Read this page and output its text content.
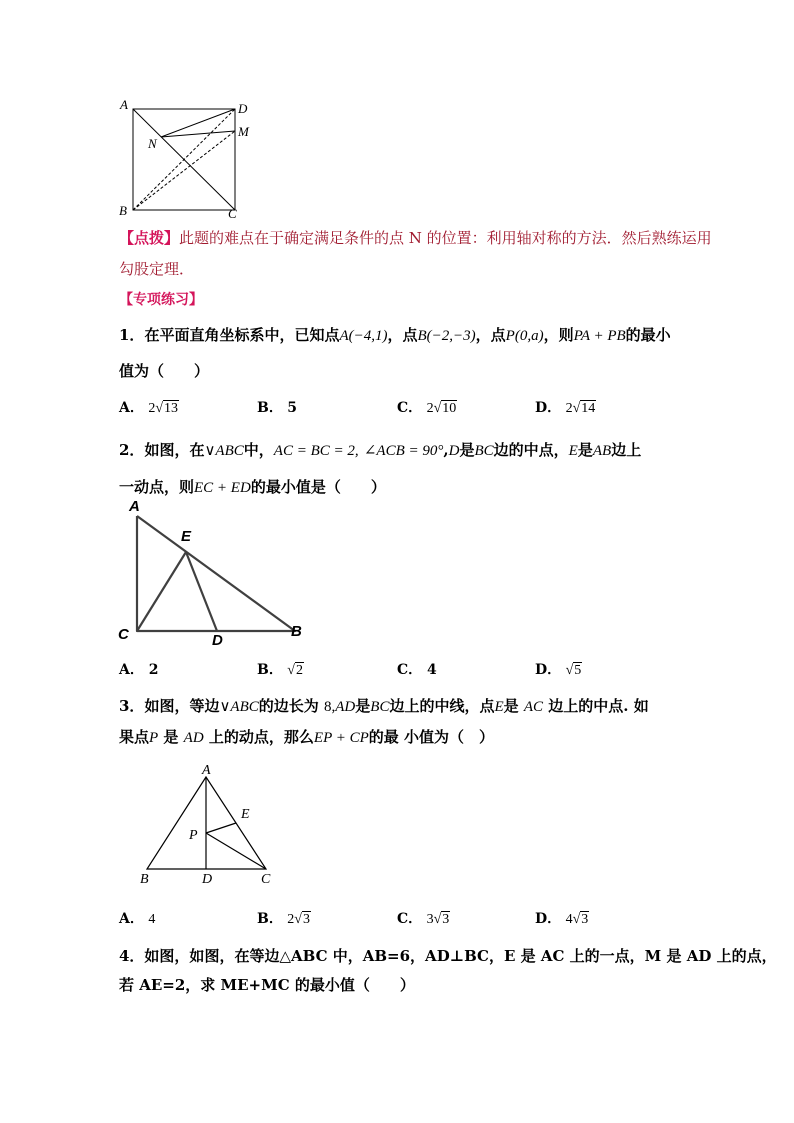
A	D
M
N
B	C
【点拨】此题的难点在于确定满足条件的点 N 的位置：利用轴对称的方法．然后熟练运用
勾股定理．
【专项练习】
1．在平面直角坐标系中，已知点A(−4,1)，点B(−2,−3)，点P(0,a)，则PA + PB的最小
值为（　　）
A． 2√13	B． 5	C． 2√10	D． 2√14
2．如图，在∨ABC中，AC = BC = 2, ∠ACB = 90°,D是BC边的中点，E是AB边上
一动点，则EC + ED的最小值是（　　）
A
E
C	D
B
A． 2	B． √2	C． 4	D． √5
3．如图，等边∨ABC的边长为 8,AD是BC边上的中线，点E是 AC 边上的中点. 如
果点P 是 AD 上的动点，那么EP + CP的最 小值为（　）
A
E
P
B	D	C
A． 4	B． 2√3	C． 3√3	D． 4√3
4．如图，如图，在等边△ABC 中，AB=6，AD⊥BC，E 是 AC 上的一点，M 是 AD 上的点，
若 AE=2，求 ME+MC 的最小值（　　）
